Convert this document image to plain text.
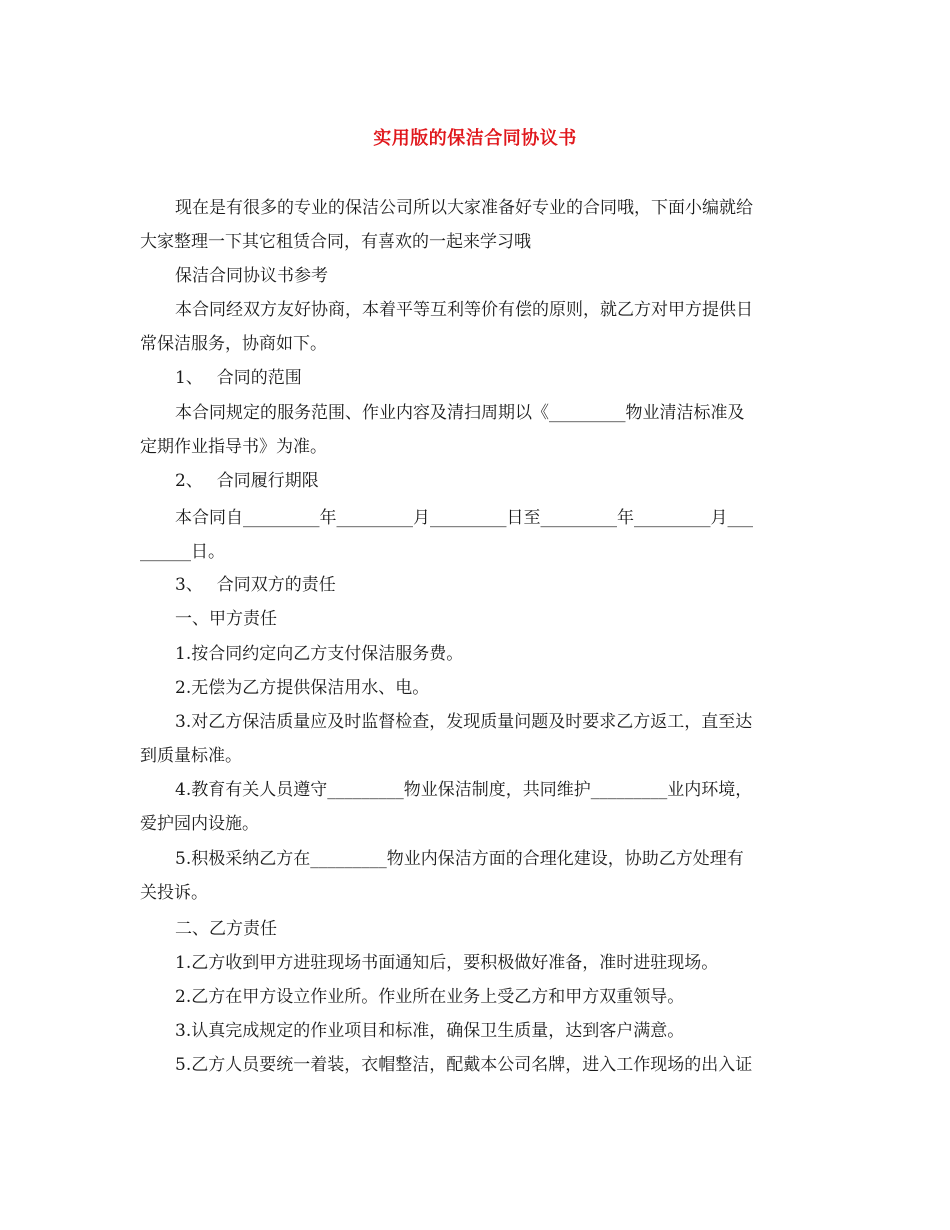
实用版的保洁合同协议书
现在是有很多的专业的保洁公司所以大家准备好专业的合同哦，下面小编就给
大家整理一下其它租赁合同，有喜欢的一起来学习哦
保洁合同协议书参考
本合同经双方友好协商，本着平等互利等价有偿的原则，就乙方对甲方提供日
常保洁服务，协商如下。
1、　 合同的范围
本合同规定的服务范围、作业内容及清扫周期以《_________物业清洁标准及
定期作业指导书》为准。
2、　 合同履行期限
本合同自_________年_________月_________日至_________年_________月___
______日。
3、　 合同双方的责任
一、甲方责任
1.按合同约定向乙方支付保洁服务费。
2.无偿为乙方提供保洁用水、电。
3.对乙方保洁质量应及时监督检查，发现质量问题及时要求乙方返工，直至达
到质量标准。
4.教育有关人员遵守_________物业保洁制度，共同维护_________业内环境，
爱护园内设施。
5.积极采纳乙方在_________物业内保洁方面的合理化建设，协助乙方处理有
关投诉。
二、乙方责任
1.乙方收到甲方进驻现场书面通知后，要积极做好准备，准时进驻现场。
2.乙方在甲方设立作业所。作业所在业务上受乙方和甲方双重领导。
3.认真完成规定的作业项目和标准，确保卫生质量，达到客户满意。
5.乙方人员要统一着装，衣帽整洁，配戴本公司名牌，进入工作现场的出入证
